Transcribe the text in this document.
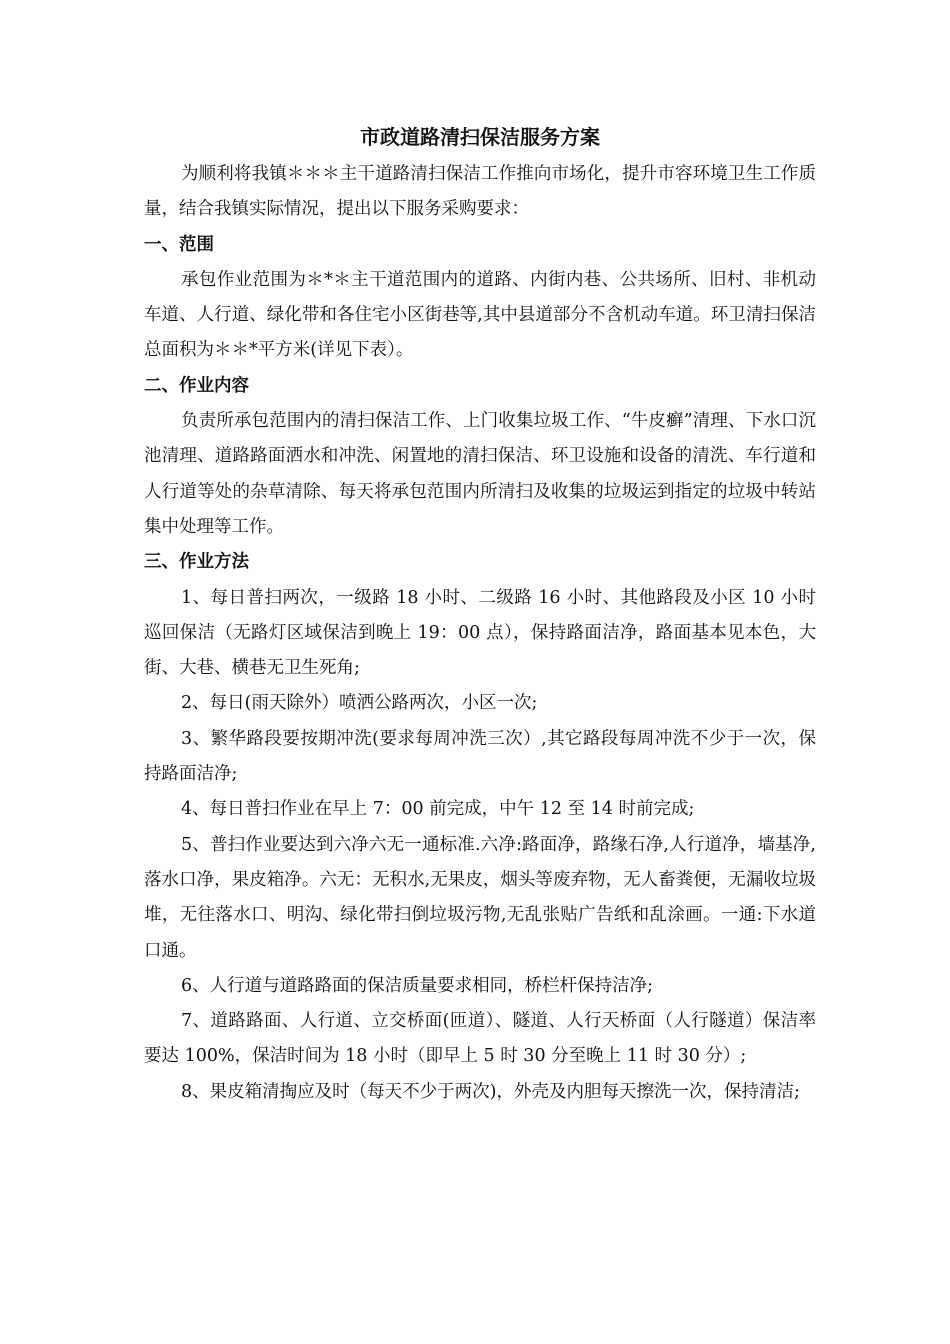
市政道路清扫保洁服务方案

为顺利将我镇＊＊＊主干道路清扫保洁工作推向市场化，提升市容环境卫生工作质量，结合我镇实际情况，提出以下服务采购要求：

一、范围

承包作业范围为＊*＊主干道范围内的道路、内街内巷、公共场所、旧村、非机动车道、人行道、绿化带和各住宅小区街巷等,其中县道部分不含机动车道。环卫清扫保洁总面积为＊＊*平方米(详见下表）。

二、作业内容

负责所承包范围内的清扫保洁工作、上门收集垃圾工作、“牛皮癣”清理、下水口沉池清理、道路路面洒水和冲洗、闲置地的清扫保洁、环卫设施和设备的清洗、车行道和人行道等处的杂草清除、每天将承包范围内所清扫及收集的垃圾运到指定的垃圾中转站集中处理等工作。

三、作业方法

1、每日普扫两次，一级路 18 小时、二级路 16 小时、其他路段及小区 10 小时巡回保洁（无路灯区域保洁到晚上 19：00 点），保持路面洁净，路面基本见本色，大街、大巷、横巷无卫生死角;

2、每日(雨天除外）喷洒公路两次，小区一次;

3、繁华路段要按期冲洗(要求每周冲洗三次）,其它路段每周冲洗不少于一次，保持路面洁净;

4、每日普扫作业在早上 7：00 前完成，中午 12 至 14 时前完成;

5、普扫作业要达到六净六无一通标准.六净:路面净，路缘石净,人行道净，墙基净,落水口净，果皮箱净。六无：无积水,无果皮，烟头等废弃物，无人畜粪便，无漏收垃圾堆，无往落水口、明沟、绿化带扫倒垃圾污物,无乱张贴广告纸和乱涂画。一通:下水道口通。

6、人行道与道路路面的保洁质量要求相同，桥栏杆保持洁净;

7、道路路面、人行道、立交桥面(匝道）、隧道、人行天桥面（人行隧道）保洁率要达 100%，保洁时间为 18 小时（即早上 5 时 30 分至晚上 11 时 30 分）;

8、果皮箱清掏应及时（每天不少于两次)，外壳及内胆每天擦洗一次，保持清洁;
